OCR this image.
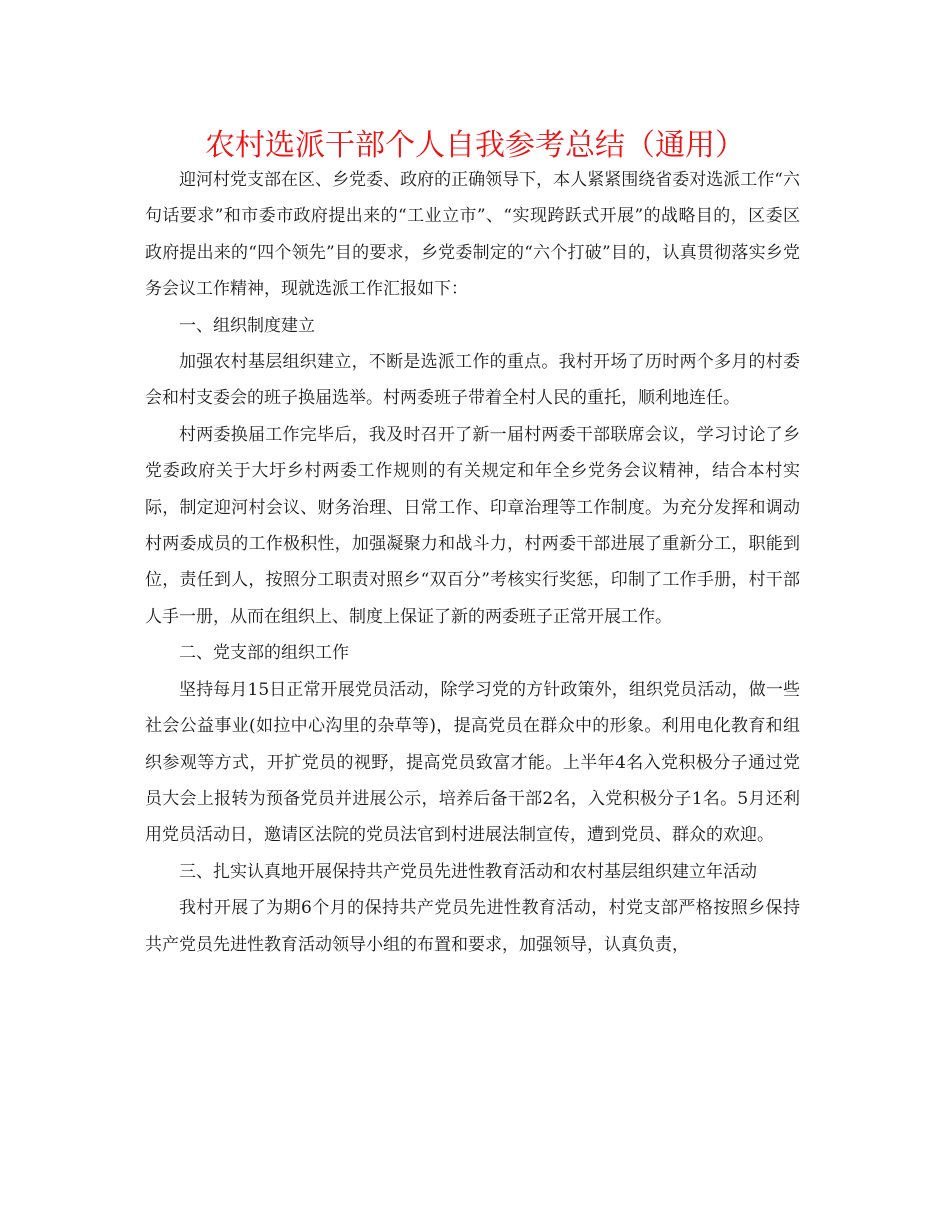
农村选派干部个人自我参考总结（通用）

迎河村党支部在区、乡党委、政府的正确领导下，本人紧紧围绕省委对选派工作“六句话要求”和市委市政府提出来的“工业立市”、“实现跨跃式开展”的战略目的，区委区政府提出来的“四个领先”目的要求，乡党委制定的“六个打破”目的，认真贯彻落实乡党务会议工作精神，现就选派工作汇报如下：

一、组织制度建立

加强农村基层组织建立，不断是选派工作的重点。我村开场了历时两个多月的村委会和村支委会的班子换届选举。村两委班子带着全村人民的重托，顺利地连任。

村两委换届工作完毕后，我及时召开了新一届村两委干部联席会议，学习讨论了乡党委政府关于大圩乡村两委工作规则的有关规定和年全乡党务会议精神，结合本村实际，制定迎河村会议、财务治理、日常工作、印章治理等工作制度。为充分发挥和调动村两委成员的工作极积性，加强凝聚力和战斗力，村两委干部进展了重新分工，职能到位，责任到人，按照分工职责对照乡“双百分”考核实行奖惩，印制了工作手册，村干部人手一册，从而在组织上、制度上保证了新的两委班子正常开展工作。

二、党支部的组织工作

坚持每月15日正常开展党员活动，除学习党的方针政策外，组织党员活动，做一些社会公益事业(如拉中心沟里的杂草等)，提高党员在群众中的形象。利用电化教育和组织参观等方式，开扩党员的视野，提高党员致富才能。上半年4名入党积极分子通过党员大会上报转为预备党员并进展公示，培养后备干部2名，入党积极分子1名。5月还利用党员活动日，邀请区法院的党员法官到村进展法制宣传，遭到党员、群众的欢迎。

三、扎实认真地开展保持共产党员先进性教育活动和农村基层组织建立年活动

我村开展了为期6个月的保持共产党员先进性教育活动，村党支部严格按照乡保持共产党员先进性教育活动领导小组的布置和要求，加强领导，认真负责，
